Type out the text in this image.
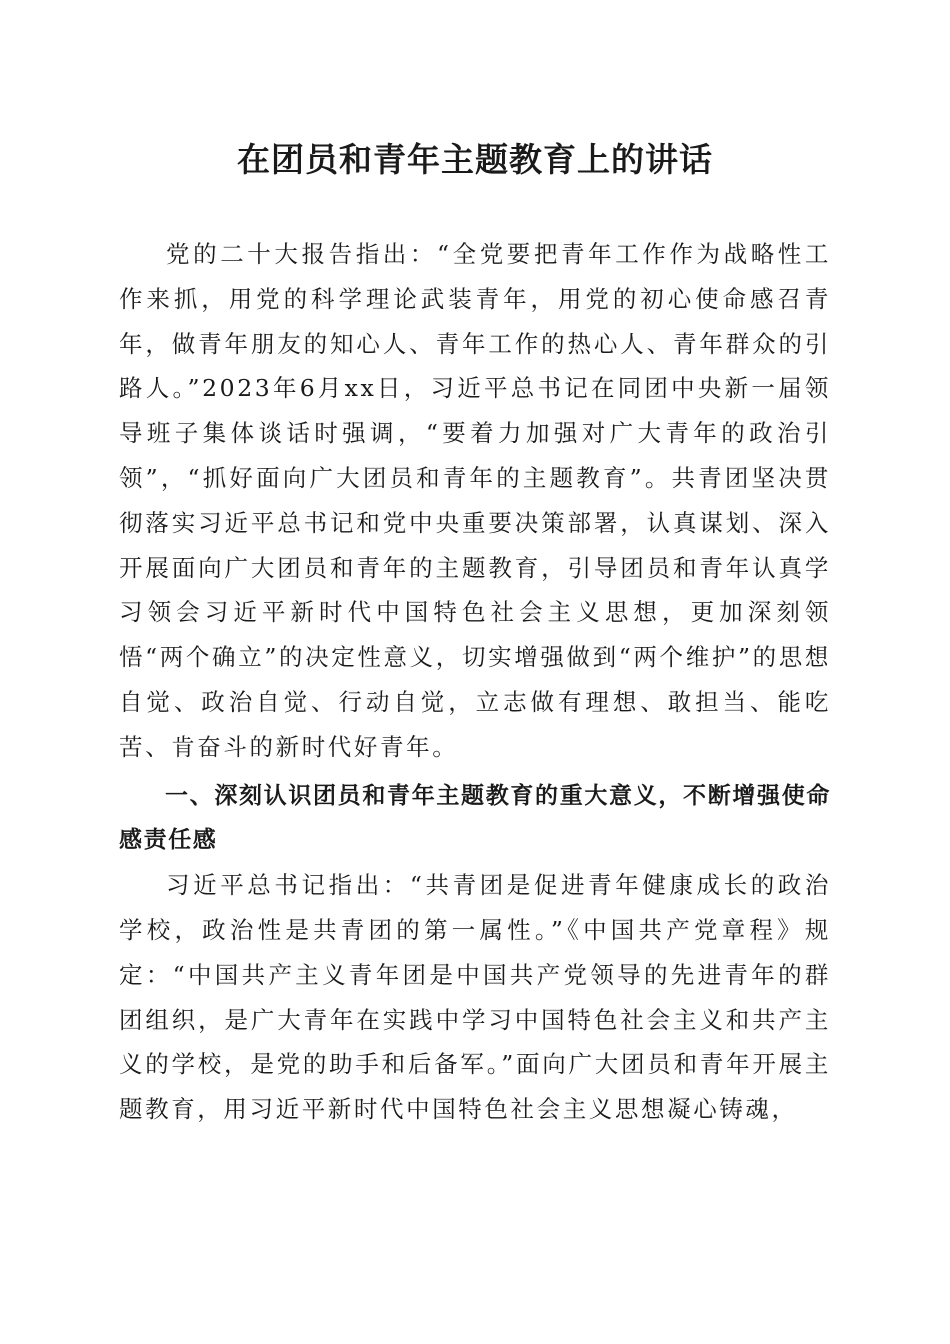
在团员和青年主题教育上的讲话

党的二十大报告指出：“全党要把青年工作作为战略性工作来抓，用党的科学理论武装青年，用党的初心使命感召青年，做青年朋友的知心人、青年工作的热心人、青年群众的引路人。”2023年6月xx日，习近平总书记在同团中央新一届领导班子集体谈话时强调，“要着力加强对广大青年的政治引领”，“抓好面向广大团员和青年的主题教育”。共青团坚决贯彻落实习近平总书记和党中央重要决策部署，认真谋划、深入开展面向广大团员和青年的主题教育，引导团员和青年认真学习领会习近平新时代中国特色社会主义思想，更加深刻领悟“两个确立”的决定性意义，切实增强做到“两个维护”的思想自觉、政治自觉、行动自觉，立志做有理想、敢担当、能吃苦、肯奋斗的新时代好青年。

一、深刻认识团员和青年主题教育的重大意义，不断增强使命感责任感

习近平总书记指出：“共青团是促进青年健康成长的政治学校，政治性是共青团的第一属性。”《中国共产党章程》规定：“中国共产主义青年团是中国共产党领导的先进青年的群团组织，是广大青年在实践中学习中国特色社会主义和共产主义的学校，是党的助手和后备军。”面向广大团员和青年开展主题教育，用习近平新时代中国特色社会主义思想凝心铸魂，
